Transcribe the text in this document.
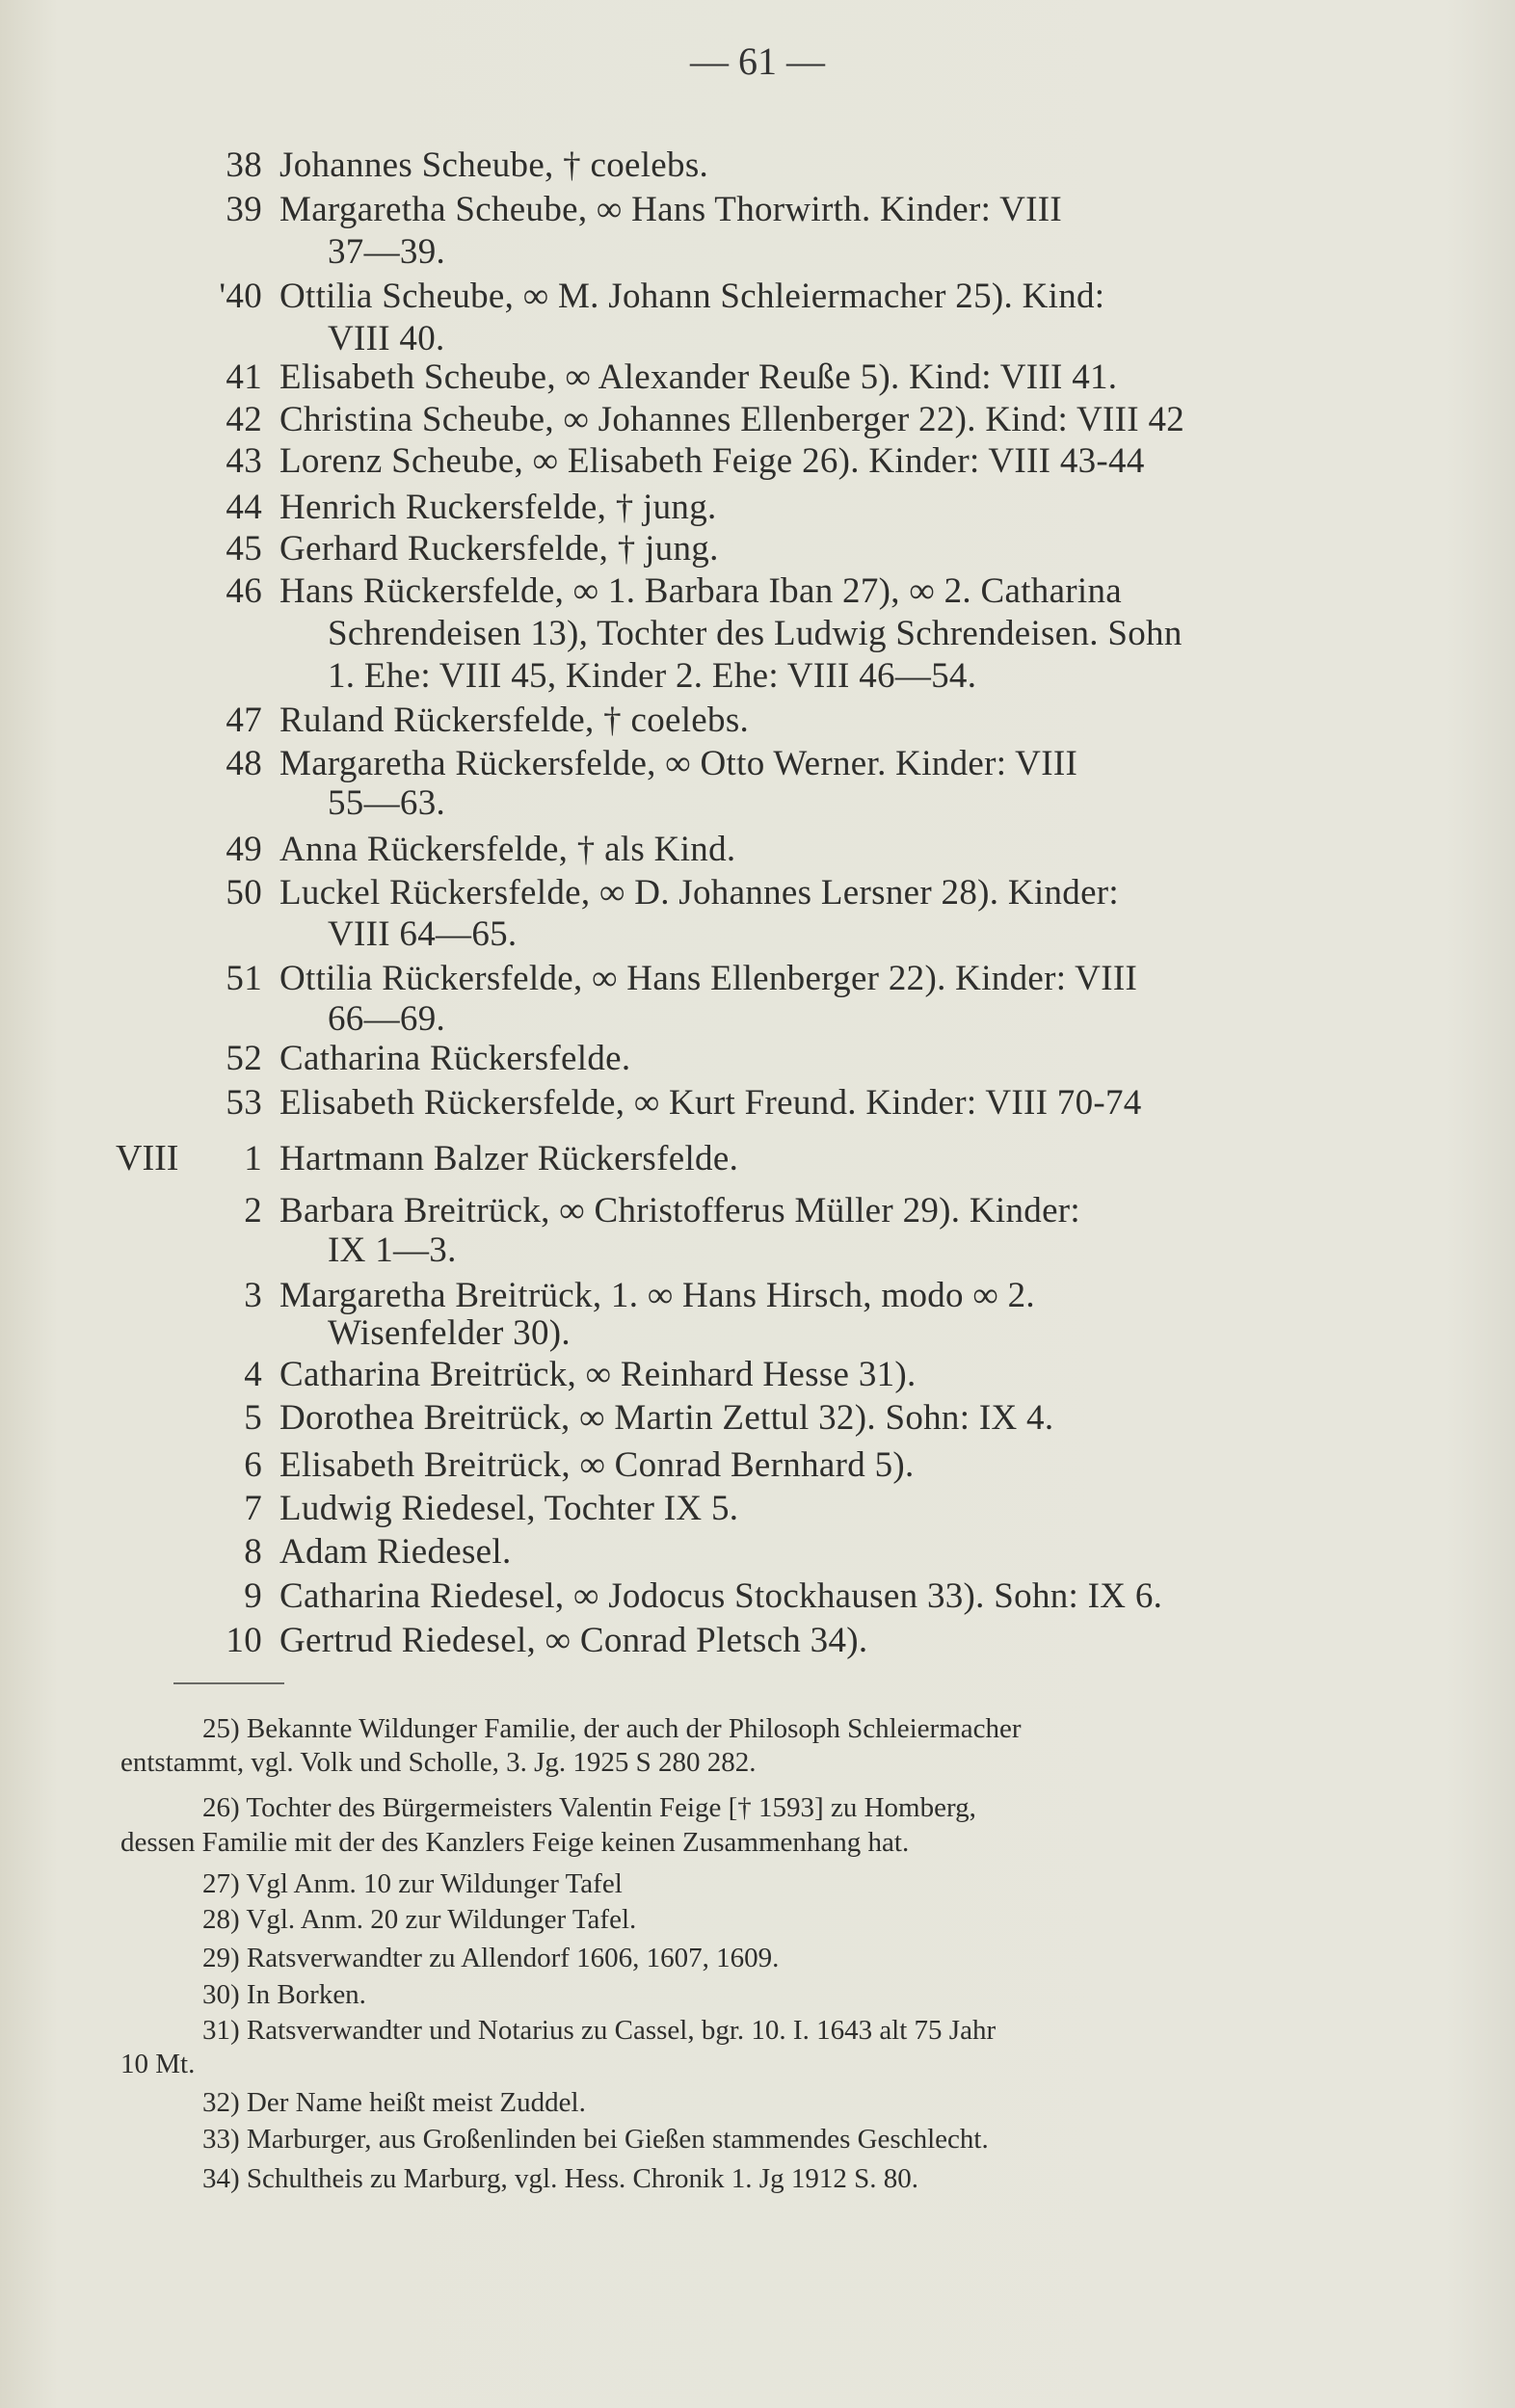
— 61 —
VIII
38 Johannes Scheube, † coelebs.
39 Margaretha Scheube, ∞ Hans Thorwirth. Kinder: VIII
37—39.
'40 Ottilia Scheube, ∞ M. Johann Schleiermacher 25). Kind:
VIII 40.
41 Elisabeth Scheube, ∞ Alexander Reuße 5). Kind: VIII 41.
42 Christina Scheube, ∞ Johannes Ellenberger 22). Kind: VIII 42
43 Lorenz Scheube, ∞ Elisabeth Feige 26). Kinder: VIII 43-44
44 Henrich Ruckersfelde, † jung.
45 Gerhard Ruckersfelde, † jung.
46 Hans Rückersfelde, ∞ 1. Barbara Iban 27), ∞ 2. Catharina
Schrendeisen 13), Tochter des Ludwig Schrendeisen. Sohn
1. Ehe: VIII 45, Kinder 2. Ehe: VIII 46—54.
47 Ruland Rückersfelde, † coelebs.
48 Margaretha Rückersfelde, ∞ Otto Werner. Kinder: VIII
55—63.
49 Anna Rückersfelde, † als Kind.
50 Luckel Rückersfelde, ∞ D. Johannes Lersner 28). Kinder:
VIII 64—65.
51 Ottilia Rückersfelde, ∞ Hans Ellenberger 22). Kinder: VIII
66—69.
52 Catharina Rückersfelde.
53 Elisabeth Rückersfelde, ∞ Kurt Freund. Kinder: VIII 70-74
1 Hartmann Balzer Rückersfelde.
2 Barbara Breitrück, ∞ Christofferus Müller 29). Kinder:
IX 1—3.
3 Margaretha Breitrück, 1. ∞ Hans Hirsch, modo ∞ 2.
Wisenfelder 30).
4 Catharina Breitrück, ∞ Reinhard Hesse 31).
5 Dorothea Breitrück, ∞ Martin Zettul 32). Sohn: IX 4.
6 Elisabeth Breitrück, ∞ Conrad Bernhard 5).
7 Ludwig Riedesel, Tochter IX 5.
8 Adam Riedesel.
9 Catharina Riedesel, ∞ Jodocus Stockhausen 33). Sohn: IX 6.
10 Gertrud Riedesel, ∞ Conrad Pletsch 34).
25) Bekannte Wildunger Familie, der auch der Philosoph Schleiermacher
entstammt, vgl. Volk und Scholle, 3. Jg. 1925 S 280 282.
26) Tochter des Bürgermeisters Valentin Feige [† 1593] zu Homberg,
dessen Familie mit der des Kanzlers Feige keinen Zusammenhang hat.
27) Vgl Anm. 10 zur Wildunger Tafel
28) Vgl. Anm. 20 zur Wildunger Tafel.
29) Ratsverwandter zu Allendorf 1606, 1607, 1609.
30) In Borken.
31) Ratsverwandter und Notarius zu Cassel, bgr. 10. I. 1643 alt 75 Jahr
10 Mt.
32) Der Name heißt meist Zuddel.
33) Marburger, aus Großenlinden bei Gießen stammendes Geschlecht.
34) Schultheis zu Marburg, vgl. Hess. Chronik 1. Jg 1912 S. 80.
